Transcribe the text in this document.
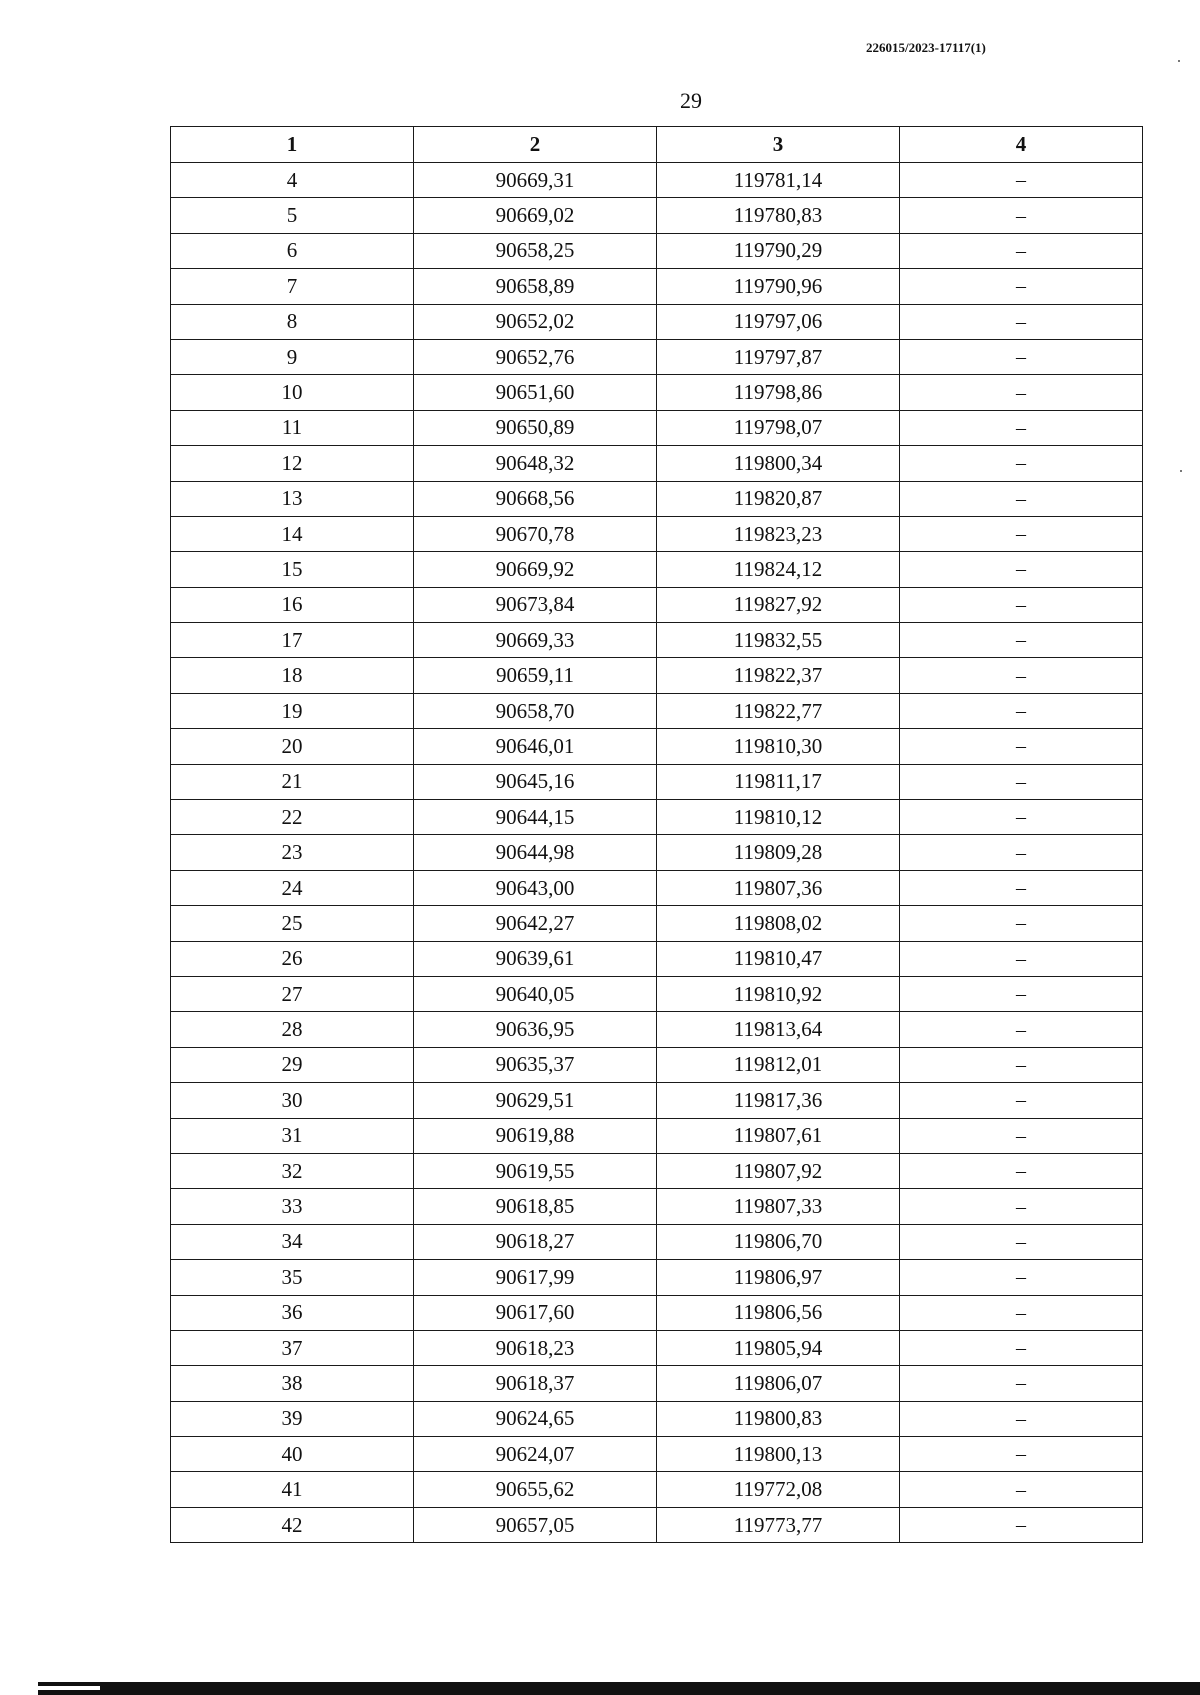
226015/2023-17117(1)
29
1	2	3	4
4	90669,31	119781,14	–
5	90669,02	119780,83	–
6	90658,25	119790,29	–
7	90658,89	119790,96	–
8	90652,02	119797,06	–
9	90652,76	119797,87	–
10	90651,60	119798,86	–
11	90650,89	119798,07	–
12	90648,32	119800,34	–
13	90668,56	119820,87	–
14	90670,78	119823,23	–
15	90669,92	119824,12	–
16	90673,84	119827,92	–
17	90669,33	119832,55	–
18	90659,11	119822,37	–
19	90658,70	119822,77	–
20	90646,01	119810,30	–
21	90645,16	119811,17	–
22	90644,15	119810,12	–
23	90644,98	119809,28	–
24	90643,00	119807,36	–
25	90642,27	119808,02	–
26	90639,61	119810,47	–
27	90640,05	119810,92	–
28	90636,95	119813,64	–
29	90635,37	119812,01	–
30	90629,51	119817,36	–
31	90619,88	119807,61	–
32	90619,55	119807,92	–
33	90618,85	119807,33	–
34	90618,27	119806,70	–
35	90617,99	119806,97	–
36	90617,60	119806,56	–
37	90618,23	119805,94	–
38	90618,37	119806,07	–
39	90624,65	119800,83	–
40	90624,07	119800,13	–
41	90655,62	119772,08	–
42	90657,05	119773,77	–
